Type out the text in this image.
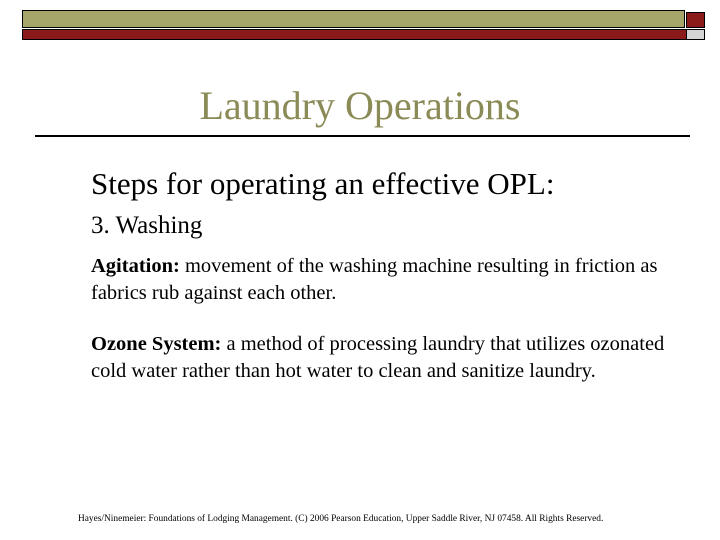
Laundry Operations
Steps for operating an effective OPL:
3. Washing
Agitation: movement of the washing machine resulting in friction as fabrics rub against each other.
Ozone System: a method of processing laundry that utilizes ozonated cold water rather than hot water to clean and sanitize laundry.
Hayes/Ninemeier: Foundations of Lodging Management. (C) 2006 Pearson Education, Upper Saddle River, NJ 07458. All Rights Reserved.
